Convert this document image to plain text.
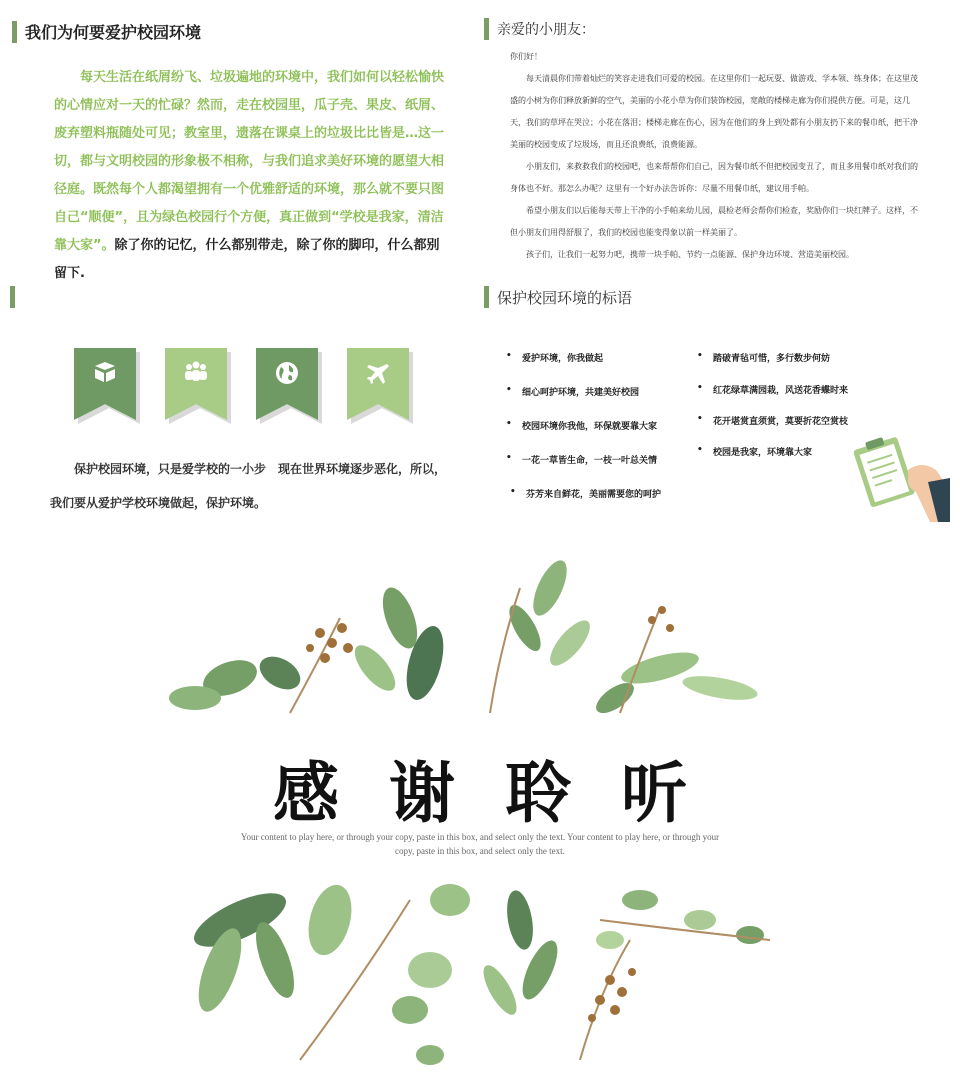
我们为何要爱护校园环境
每天生活在纸屑纷飞、垃圾遍地的环境中，我们如何以轻松愉快的心情应对一天的忙碌？然而，走在校园里，瓜子壳、果皮、纸屑、废弃塑料瓶随处可见；教室里，遗落在课桌上的垃圾比比皆是…这一切，都与文明校园的形象极不相称，与我们追求美好环境的愿望大相径庭。既然每个人都渴望拥有一个优雅舒适的环境，那么就不要只图自己“顺便”，且为绿色校园行个方便，真正做到“学校是我家，清洁靠大家”。除了你的记忆，什么都别带走，除了你的脚印，什么都别留下.
亲爱的小朋友：

你们好！

每天清晨你们带着灿烂的笑容走进我们可爱的校园。在这里你们一起玩耍、做游戏、学本领、练身体；在这里茂盛的小树为你们释放新鲜的空气，美丽的小花小草为你们装饰校园，宽敞的楼梯走廊为你们提供方便。可是，这几天，我们的草坪在哭泣；小花在落泪；楼梯走廊在伤心，因为在他们的身上到处都有小朋友扔下来的餐巾纸，把干净美丽的校园变成了垃圾场，而且还浪费纸，浪费能源。

小朋友们，来救救我们的校园吧，也来帮帮你们自己，因为餐巾纸不但把校园变丑了，而且多用餐巾纸对我们的身体也不好。那怎么办呢？这里有一个好办法告诉你：尽量不用餐巾纸，建议用手帕。

希望小朋友们以后能每天带上干净的小手帕来幼儿园，晨检老师会帮你们检查，奖励你们一块红牌子。这样，不但小朋友们用得舒服了，我们的校园也能变得象以前一样美丽了。

孩子们，让我们一起努力吧，携带一块手帕、节约一点能源、保护身边环境、营造美丽校园。

保护校园环境，只是爱学校的一小步　现在世界环境逐步恶化，所以，我们要从爱护学校环境做起，保护环境。
保护校园环境的标语
• 爱护环境，你我做起
• 细心呵护环境，共建美好校园
• 校园环境你我他，环保就要靠大家
• 一花一草皆生命，一枝一叶总关情
• 芬芳来自鲜花，美丽需要您的呵护
• 踏破青毡可惜，多行数步何妨
• 红花绿草满园栽，风送花香蝶时来
• 花开堪赏直须赏，莫要折花空赏枝
• 校园是我家，环境靠大家
感谢聆听
Your content to play here, or through your copy, paste in this box, and select only the text. Your content to play here, or through your copy, paste in this box, and select only the text.
